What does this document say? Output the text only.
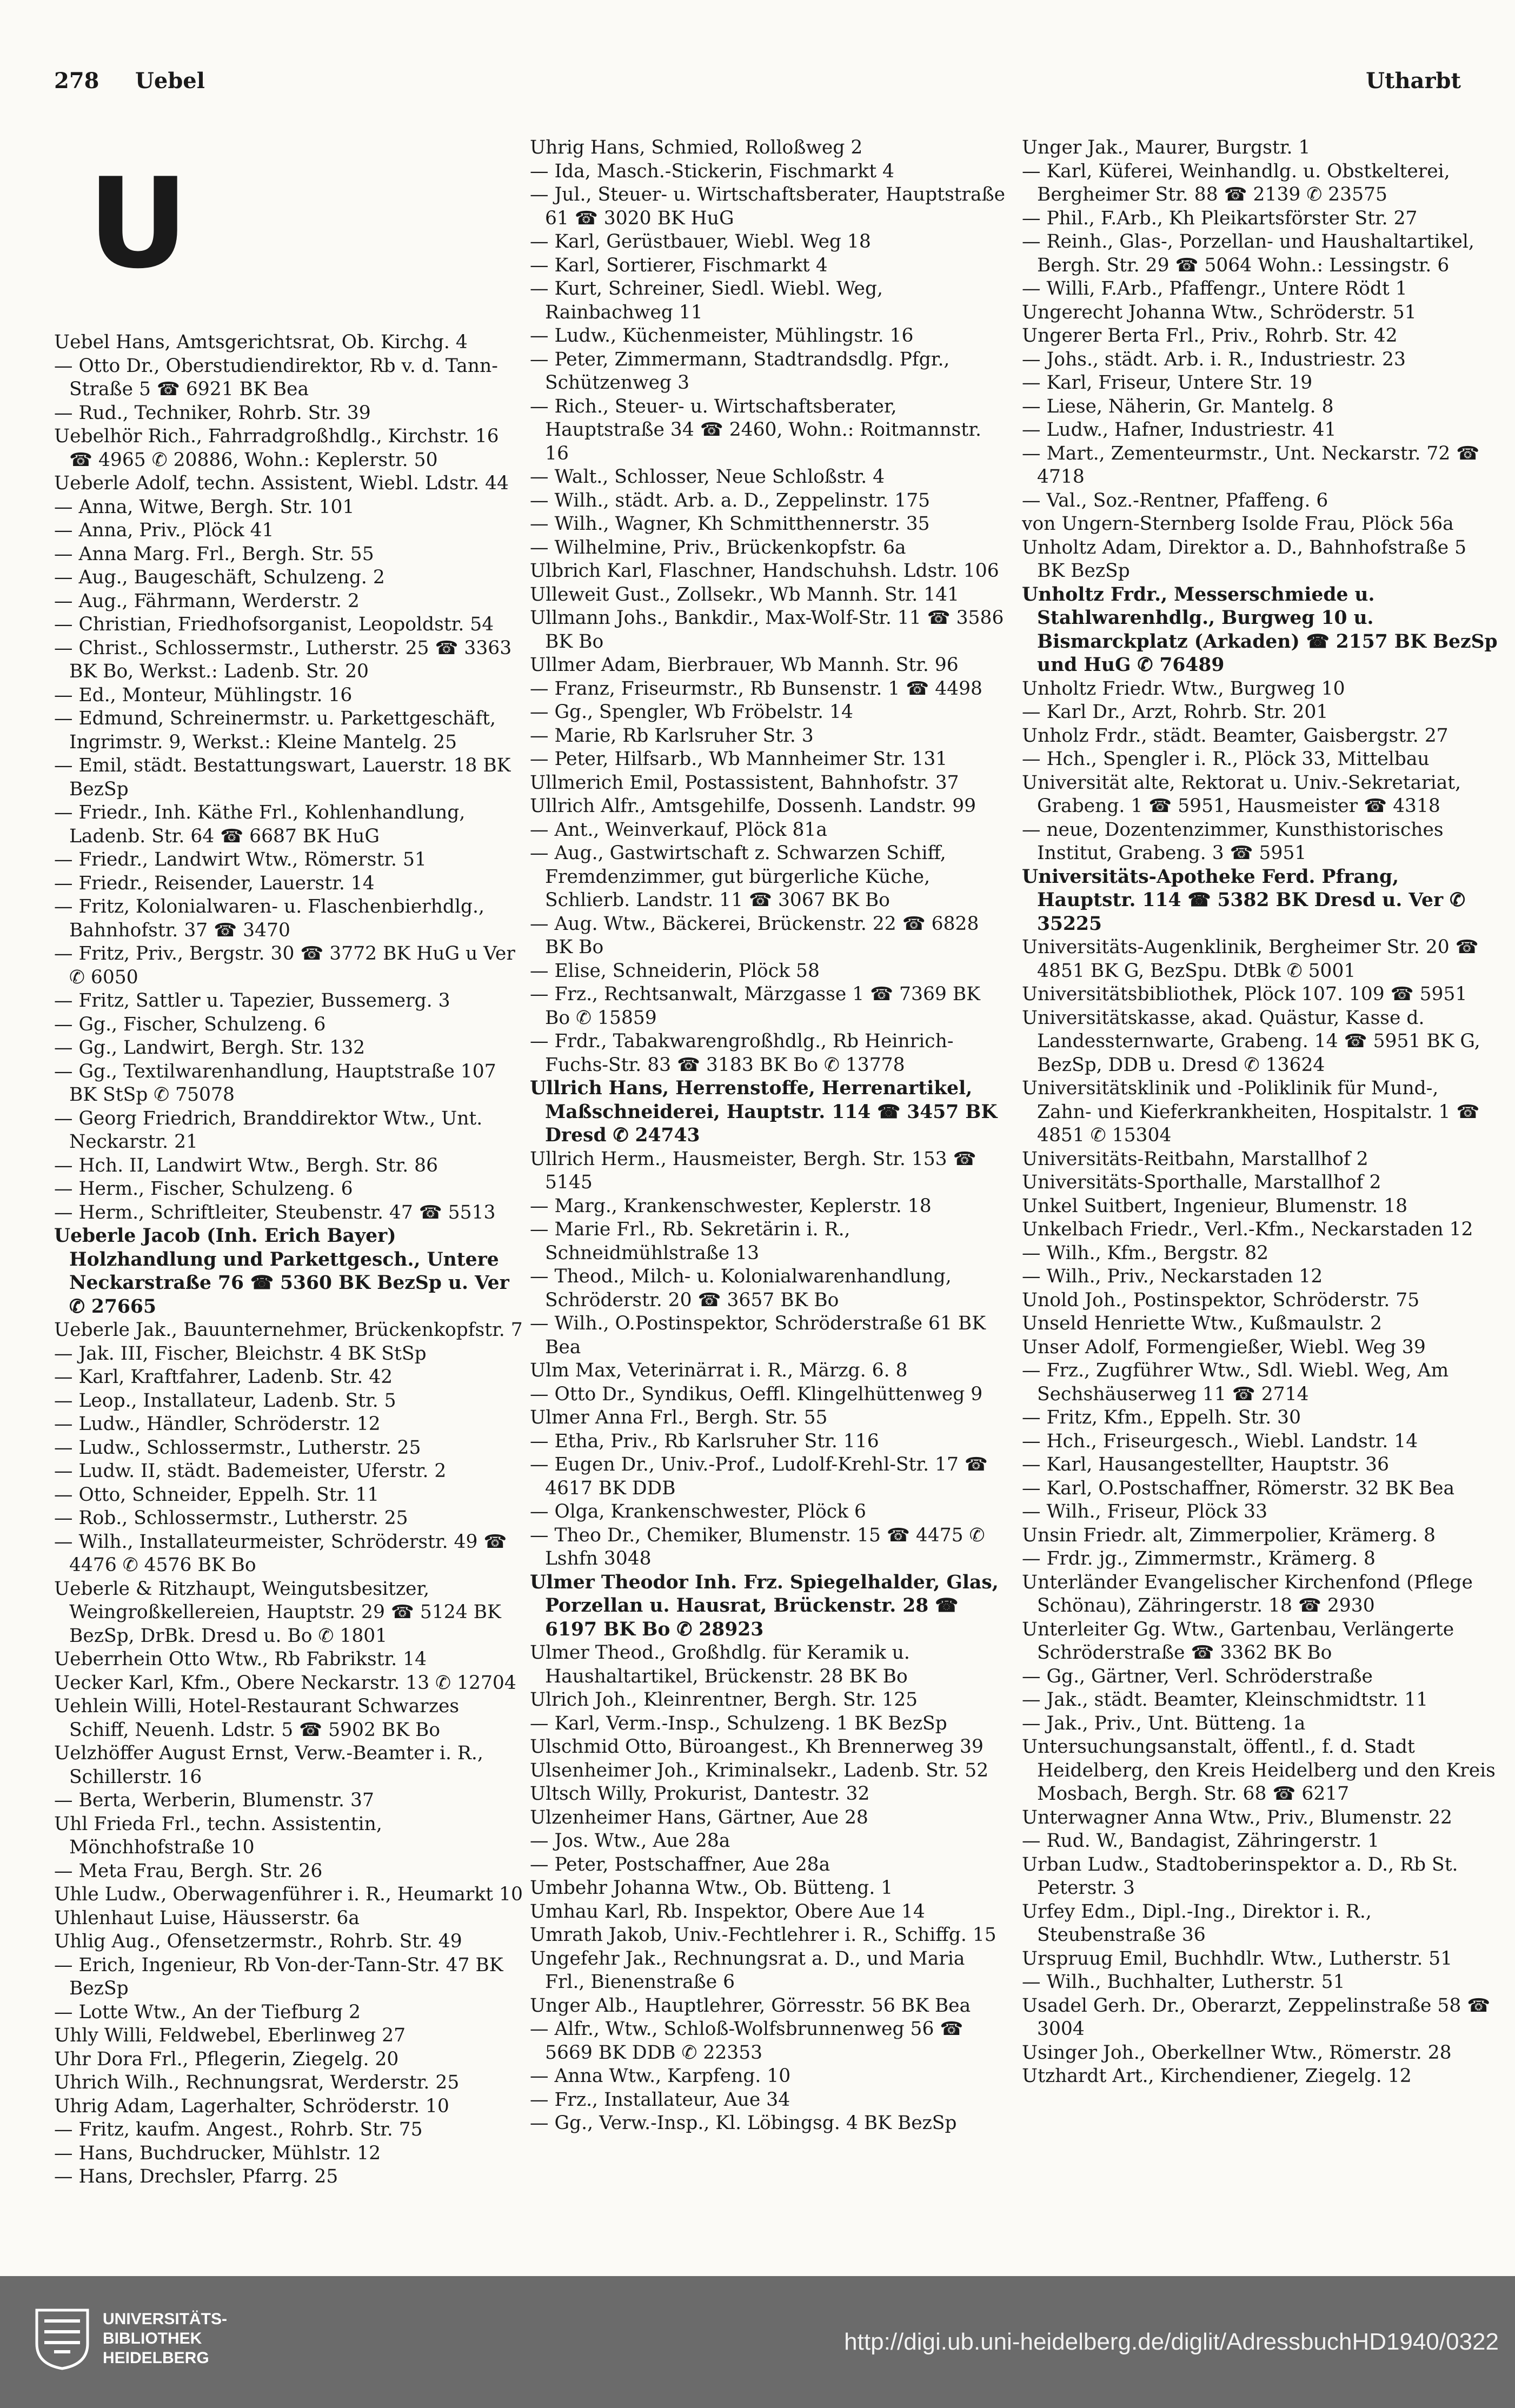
278 Uebel	Utharbt
U
Uebel Hans, Amtsgerichtsrat, Ob. Kirchg. 4
— Otto Dr., Oberstudiendirektor, Rb v. d. Tann-Straße 5 ☎ 6921 BK Bea
— Rud., Techniker, Rohrb. Str. 39
Uebelhör Rich., Fahrradgroßhdlg., Kirchstr. 16 ☎ 4965 ✆ 20886, Wohn.: Keplerstr. 50
Ueberle Adolf, techn. Assistent, Wiebl. Ldstr. 44
— Anna, Witwe, Bergh. Str. 101
— Anna, Priv., Plöck 41
— Anna Marg. Frl., Bergh. Str. 55
— Aug., Baugeschäft, Schulzeng. 2
— Aug., Fährmann, Werderstr. 2
— Christian, Friedhofsorganist, Leopoldstr. 54
— Christ., Schlossermstr., Lutherstr. 25 ☎ 3363 BK Bo, Werkst.: Ladenb. Str. 20
— Ed., Monteur, Mühlingstr. 16
— Edmund, Schreinermstr. u. Parkettgeschäft, Ingrimstr. 9, Werkst.: Kleine Mantelg. 25
— Emil, städt. Bestattungswart, Lauerstr. 18 BK BezSp
— Friedr., Inh. Käthe Frl., Kohlenhandlung, Ladenb. Str. 64 ☎ 6687 BK HuG
— Friedr., Landwirt Wtw., Römerstr. 51
— Friedr., Reisender, Lauerstr. 14
— Fritz, Kolonialwaren- u. Flaschenbierhdlg., Bahnhofstr. 37 ☎ 3470
— Fritz, Priv., Bergstr. 30 ☎ 3772 BK HuG u Ver ✆ 6050
— Fritz, Sattler u. Tapezier, Bussemerg. 3
— Gg., Fischer, Schulzeng. 6
— Gg., Landwirt, Bergh. Str. 132
— Gg., Textilwarenhandlung, Hauptstraße 107 BK StSp ✆ 75078
— Georg Friedrich, Branddirektor Wtw., Unt. Neckarstr. 21
— Hch. II, Landwirt Wtw., Bergh. Str. 86
— Herm., Fischer, Schulzeng. 6
— Herm., Schriftleiter, Steubenstr. 47 ☎ 5513
Ueberle Jacob (Inh. Erich Bayer) Holzhandlung und Parkettgesch., Untere Neckarstraße 76 ☎ 5360 BK BezSp u. Ver ✆ 27665
Ueberle Jak., Bauunternehmer, Brückenkopfstr. 7
— Jak. III, Fischer, Bleichstr. 4 BK StSp
— Karl, Kraftfahrer, Ladenb. Str. 42
— Leop., Installateur, Ladenb. Str. 5
— Ludw., Händler, Schröderstr. 12
— Ludw., Schlossermstr., Lutherstr. 25
— Ludw. II, städt. Bademeister, Uferstr. 2
— Otto, Schneider, Eppelh. Str. 11
— Rob., Schlossermstr., Lutherstr. 25
— Wilh., Installateurmeister, Schröderstr. 49 ☎ 4476 ✆ 4576 BK Bo
Ueberle & Ritzhaupt, Weingutsbesitzer, Weingroßkellereien, Hauptstr. 29 ☎ 5124 BK BezSp, DrBk. Dresd u. Bo ✆ 1801
Ueberrhein Otto Wtw., Rb Fabrikstr. 14
Uecker Karl, Kfm., Obere Neckarstr. 13 ✆ 12704
Uehlein Willi, Hotel-Restaurant Schwarzes Schiff, Neuenh. Ldstr. 5 ☎ 5902 BK Bo
Uelzhöffer August Ernst, Verw.-Beamter i. R., Schillerstr. 16
— Berta, Werberin, Blumenstr. 37
Uhl Frieda Frl., techn. Assistentin, Mönchhofstraße 10
— Meta Frau, Bergh. Str. 26
Uhle Ludw., Oberwagenführer i. R., Heumarkt 10
Uhlenhaut Luise, Häusserstr. 6a
Uhlig Aug., Ofensetzermstr., Rohrb. Str. 49
— Erich, Ingenieur, Rb Von-der-Tann-Str. 47 BK BezSp
— Lotte Wtw., An der Tiefburg 2
Uhly Willi, Feldwebel, Eberlinweg 27
Uhr Dora Frl., Pflegerin, Ziegelg. 20
Uhrich Wilh., Rechnungsrat, Werderstr. 25
Uhrig Adam, Lagerhalter, Schröderstr. 10
— Fritz, kaufm. Angest., Rohrb. Str. 75
— Hans, Buchdrucker, Mühlstr. 12
— Hans, Drechsler, Pfarrg. 25
Uhrig Hans, Schmied, Rolloßweg 2
— Ida, Masch.-Stickerin, Fischmarkt 4
— Jul., Steuer- u. Wirtschaftsberater, Hauptstraße 61 ☎ 3020 BK HuG
— Karl, Gerüstbauer, Wiebl. Weg 18
— Karl, Sortierer, Fischmarkt 4
— Kurt, Schreiner, Siedl. Wiebl. Weg, Rainbachweg 11
— Ludw., Küchenmeister, Mühlingstr. 16
— Peter, Zimmermann, Stadtrandsdlg. Pfgr., Schützenweg 3
— Rich., Steuer- u. Wirtschaftsberater, Hauptstraße 34 ☎ 2460, Wohn.: Roitmannstr. 16
— Walt., Schlosser, Neue Schloßstr. 4
— Wilh., städt. Arb. a. D., Zeppelinstr. 175
— Wilh., Wagner, Kh Schmitthennerstr. 35
— Wilhelmine, Priv., Brückenkopfstr. 6a
Ulbrich Karl, Flaschner, Handschuhsh. Ldstr. 106
Ulleweit Gust., Zollsekr., Wb Mannh. Str. 141
Ullmann Johs., Bankdir., Max-Wolf-Str. 11 ☎ 3586 BK Bo
Ullmer Adam, Bierbrauer, Wb Mannh. Str. 96
— Franz, Friseurmstr., Rb Bunsenstr. 1 ☎ 4498
— Gg., Spengler, Wb Fröbelstr. 14
— Marie, Rb Karlsruher Str. 3
— Peter, Hilfsarb., Wb Mannheimer Str. 131
Ullmerich Emil, Postassistent, Bahnhofstr. 37
Ullrich Alfr., Amtsgehilfe, Dossenh. Landstr. 99
— Ant., Weinverkauf, Plöck 81a
— Aug., Gastwirtschaft z. Schwarzen Schiff, Fremdenzimmer, gut bürgerliche Küche, Schlierb. Landstr. 11 ☎ 3067 BK Bo
— Aug. Wtw., Bäckerei, Brückenstr. 22 ☎ 6828 BK Bo
— Elise, Schneiderin, Plöck 58
— Frz., Rechtsanwalt, Märzgasse 1 ☎ 7369 BK Bo ✆ 15859
— Frdr., Tabakwarengroßhdlg., Rb Heinrich-Fuchs-Str. 83 ☎ 3183 BK Bo ✆ 13778
Ullrich Hans, Herrenstoffe, Herrenartikel, Maßschneiderei, Hauptstr. 114 ☎ 3457 BK Dresd ✆ 24743
Ullrich Herm., Hausmeister, Bergh. Str. 153 ☎ 5145
— Marg., Krankenschwester, Keplerstr. 18
— Marie Frl., Rb. Sekretärin i. R., Schneidmühlstraße 13
— Theod., Milch- u. Kolonialwarenhandlung, Schröderstr. 20 ☎ 3657 BK Bo
— Wilh., O.Postinspektor, Schröderstraße 61 BK Bea
Ulm Max, Veterinärrat i. R., Märzg. 6. 8
— Otto Dr., Syndikus, Oeffl. Klingelhüttenweg 9
Ulmer Anna Frl., Bergh. Str. 55
— Etha, Priv., Rb Karlsruher Str. 116
— Eugen Dr., Univ.-Prof., Ludolf-Krehl-Str. 17 ☎ 4617 BK DDB
— Olga, Krankenschwester, Plöck 6
— Theo Dr., Chemiker, Blumenstr. 15 ☎ 4475 ✆ Lshfn 3048
Ulmer Theodor Inh. Frz. Spiegelhalder, Glas, Porzellan u. Hausrat, Brückenstr. 28 ☎ 6197 BK Bo ✆ 28923
Ulmer Theod., Großhdlg. für Keramik u. Haushaltartikel, Brückenstr. 28 BK Bo
Ulrich Joh., Kleinrentner, Bergh. Str. 125
— Karl, Verm.-Insp., Schulzeng. 1 BK BezSp
Ulschmid Otto, Büroangest., Kh Brennerweg 39
Ulsenheimer Joh., Kriminalsekr., Ladenb. Str. 52
Ultsch Willy, Prokurist, Dantestr. 32
Ulzenheimer Hans, Gärtner, Aue 28
— Jos. Wtw., Aue 28a
— Peter, Postschaffner, Aue 28a
Umbehr Johanna Wtw., Ob. Bütteng. 1
Umhau Karl, Rb. Inspektor, Obere Aue 14
Umrath Jakob, Univ.-Fechtlehrer i. R., Schiffg. 15
Ungefehr Jak., Rechnungsrat a. D., und Maria Frl., Bienenstraße 6
Unger Alb., Hauptlehrer, Görresstr. 56 BK Bea
— Alfr., Wtw., Schloß-Wolfsbrunnenweg 56 ☎ 5669 BK DDB ✆ 22353
— Anna Wtw., Karpfeng. 10
— Frz., Installateur, Aue 34
— Gg., Verw.-Insp., Kl. Löbingsg. 4 BK BezSp
Unger Jak., Maurer, Burgstr. 1
— Karl, Küferei, Weinhandlg. u. Obstkelterei, Bergheimer Str. 88 ☎ 2139 ✆ 23575
— Phil., F.Arb., Kh Pleikartsförster Str. 27
— Reinh., Glas-, Porzellan- und Haushaltartikel, Bergh. Str. 29 ☎ 5064 Wohn.: Lessingstr. 6
— Willi, F.Arb., Pfaffengr., Untere Rödt 1
Ungerecht Johanna Wtw., Schröderstr. 51
Ungerer Berta Frl., Priv., Rohrb. Str. 42
— Johs., städt. Arb. i. R., Industriestr. 23
— Karl, Friseur, Untere Str. 19
— Liese, Näherin, Gr. Mantelg. 8
— Ludw., Hafner, Industriestr. 41
— Mart., Zementeurmstr., Unt. Neckarstr. 72 ☎ 4718
— Val., Soz.-Rentner, Pfaffeng. 6
von Ungern-Sternberg Isolde Frau, Plöck 56a
Unholtz Adam, Direktor a. D., Bahnhofstraße 5 BK BezSp
Unholtz Frdr., Messerschmiede u. Stahlwarenhdlg., Burgweg 10 u. Bismarckplatz (Arkaden) ☎ 2157 BK BezSp und HuG ✆ 76489
Unholtz Friedr. Wtw., Burgweg 10
— Karl Dr., Arzt, Rohrb. Str. 201
Unholz Frdr., städt. Beamter, Gaisbergstr. 27
— Hch., Spengler i. R., Plöck 33, Mittelbau
Universität alte, Rektorat u. Univ.-Sekretariat, Grabeng. 1 ☎ 5951, Hausmeister ☎ 4318
— neue, Dozentenzimmer, Kunsthistorisches Institut, Grabeng. 3 ☎ 5951
Universitäts-Apotheke Ferd. Pfrang, Hauptstr. 114 ☎ 5382 BK Dresd u. Ver ✆ 35225
Universitäts-Augenklinik, Bergheimer Str. 20 ☎ 4851 BK G, BezSpu. DtBk ✆ 5001
Universitätsbibliothek, Plöck 107. 109 ☎ 5951
Universitätskasse, akad. Quästur, Kasse d. Landessternwarte, Grabeng. 14 ☎ 5951 BK G, BezSp, DDB u. Dresd ✆ 13624
Universitätsklinik und -Poliklinik für Mund-, Zahn- und Kieferkrankheiten, Hospitalstr. 1 ☎ 4851 ✆ 15304
Universitäts-Reitbahn, Marstallhof 2
Universitäts-Sporthalle, Marstallhof 2
Unkel Suitbert, Ingenieur, Blumenstr. 18
Unkelbach Friedr., Verl.-Kfm., Neckarstaden 12
— Wilh., Kfm., Bergstr. 82
— Wilh., Priv., Neckarstaden 12
Unold Joh., Postinspektor, Schröderstr. 75
Unseld Henriette Wtw., Kußmaulstr. 2
Unser Adolf, Formengießer, Wiebl. Weg 39
— Frz., Zugführer Wtw., Sdl. Wiebl. Weg, Am Sechshäuserweg 11 ☎ 2714
— Fritz, Kfm., Eppelh. Str. 30
— Hch., Friseurgesch., Wiebl. Landstr. 14
— Karl, Hausangestellter, Hauptstr. 36
— Karl, O.Postschaffner, Römerstr. 32 BK Bea
— Wilh., Friseur, Plöck 33
Unsin Friedr. alt, Zimmerpolier, Krämerg. 8
— Frdr. jg., Zimmermstr., Krämerg. 8
Unterländer Evangelischer Kirchenfond (Pflege Schönau), Zähringerstr. 18 ☎ 2930
Unterleiter Gg. Wtw., Gartenbau, Verlängerte Schröderstraße ☎ 3362 BK Bo
— Gg., Gärtner, Verl. Schröderstraße
— Jak., städt. Beamter, Kleinschmidtstr. 11
— Jak., Priv., Unt. Bütteng. 1a
Untersuchungsanstalt, öffentl., f. d. Stadt Heidelberg, den Kreis Heidelberg und den Kreis Mosbach, Bergh. Str. 68 ☎ 6217
Unterwagner Anna Wtw., Priv., Blumenstr. 22
— Rud. W., Bandagist, Zähringerstr. 1
Urban Ludw., Stadtoberinspektor a. D., Rb St. Peterstr. 3
Urfey Edm., Dipl.-Ing., Direktor i. R., Steubenstraße 36
Urspruug Emil, Buchhdlr. Wtw., Lutherstr. 51
— Wilh., Buchhalter, Lutherstr. 51
Usadel Gerh. Dr., Oberarzt, Zeppelinstraße 58 ☎ 3004
Usinger Joh., Oberkellner Wtw., Römerstr. 28
Utzhardt Art., Kirchendiener, Ziegelg. 12
UNIVERSITÄTS-
BIBLIOTHEK
HEIDELBERG
http://digi.ub.uni-heidelberg.de/diglit/AdressbuchHD1940/0322
